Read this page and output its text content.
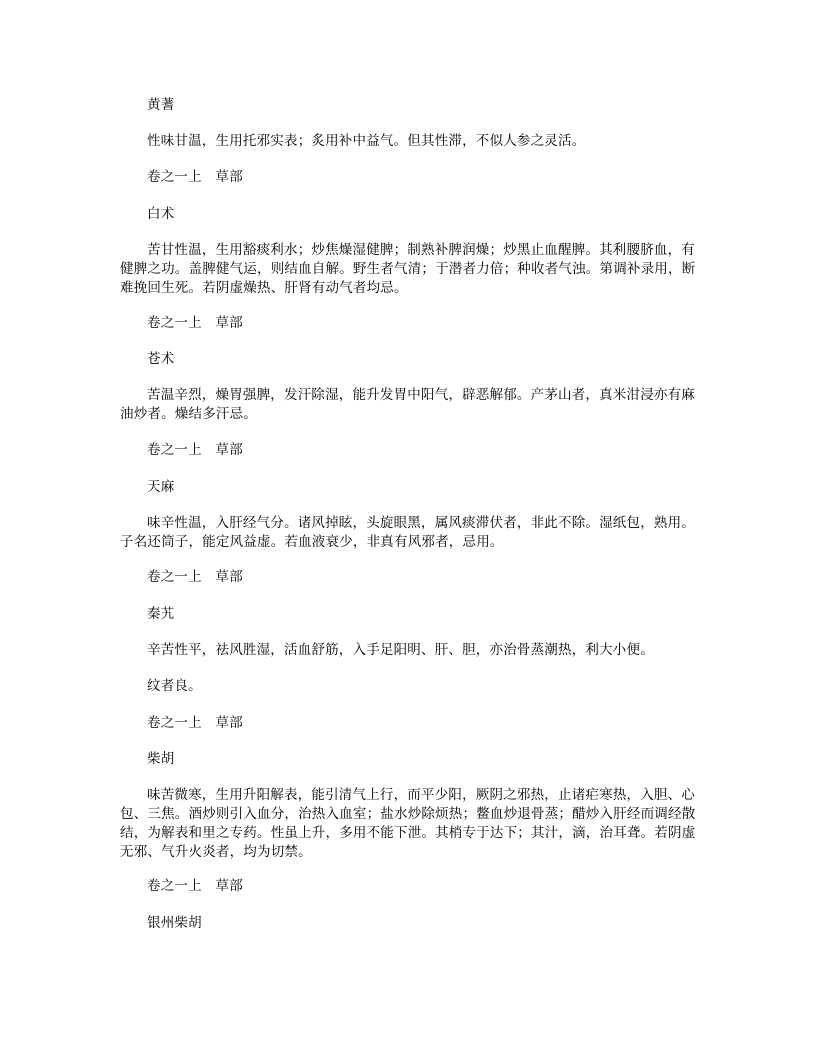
黄蓍

性味甘温，生用托邪实表；炙用补中益气。但其性滞，不似人参之灵活。

卷之一上　草部

白术

苦甘性温，生用豁痰利水；炒焦燥湿健脾；制熟补脾润燥；炒黑止血醒脾。其利腰脐血，有健脾之功。盖脾健气运，则结血自解。野生者气清；于潜者力倍；种收者气浊。第调补录用，断难挽回生死。若阴虚燥热、肝肾有动气者均忌。

卷之一上　草部

苍术

苦温辛烈，燥胃强脾，发汗除湿，能升发胃中阳气，辟恶解郁。产茅山者，真米泔浸亦有麻油炒者。燥结多汗忌。

卷之一上　草部

天麻

味辛性温，入肝经气分。诸风掉眩，头旋眼黑，属风痰滞伏者，非此不除。湿纸包，熟用。子名还筒子，能定风益虚。若血液衰少，非真有风邪者，忌用。

卷之一上　草部

秦艽

辛苦性平，祛风胜湿，活血舒筋，入手足阳明、肝、胆，亦治骨蒸潮热，利大小便。

纹者良。

卷之一上　草部

柴胡

味苦微寒，生用升阳解表，能引清气上行，而平少阳，厥阴之邪热，止诸疟寒热，入胆、心包、三焦。酒炒则引入血分，治热入血室；盐水炒除烦热；鳖血炒退骨蒸；醋炒入肝经而调经散结，为解表和里之专药。性虽上升，多用不能下泄。其梢专于达下；其汁，滴，治耳聋。若阴虚无邪、气升火炎者，均为切禁。

卷之一上　草部

银州柴胡
